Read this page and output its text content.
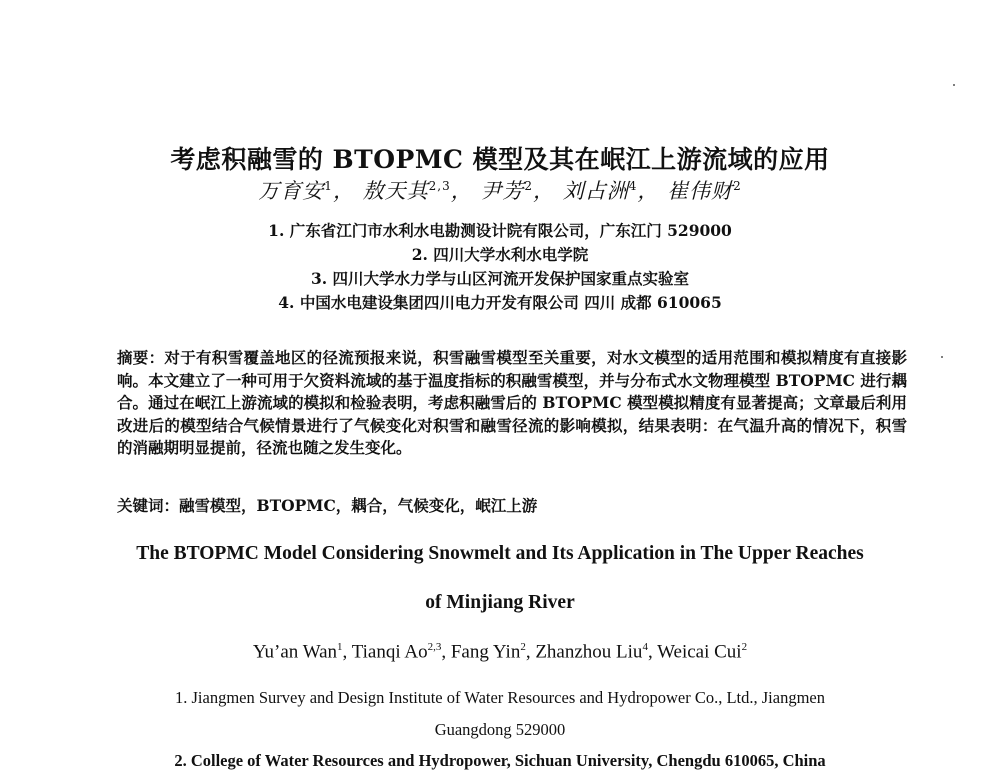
考虑积融雪的 BTOPMC 模型及其在岷江上游流域的应用
万育安$^1$， 敖天其$^{2,3}$， 尹芳$^2$， 刘占洲$^4$， 崔伟财$^2$
1. 广东省江门市水利水电勘测设计院有限公司，广东江门 529000
2. 四川大学水利水电学院
3. 四川大学水力学与山区河流开发保护国家重点实验室
4. 中国水电建设集团四川电力开发有限公司 四川 成都 610065
摘要：对于有积雪覆盖地区的径流预报来说，积雪融雪模型至关重要，对水文模型的适用范围和模拟精度有直接影响。本文建立了一种可用于欠资料流域的基于温度指标的积融雪模型，并与分布式水文物理模型 BTOPMC 进行耦合。通过在岷江上游流域的模拟和检验表明，考虑积融雪后的 BTOPMC 模型模拟精度有显著提高；文章最后利用改进后的模型结合气候情景进行了气候变化对积雪和融雪径流的影响模拟，结果表明：在气温升高的情况下，积雪的消融期明显提前，径流也随之发生变化。
关键词：融雪模型，BTOPMC，耦合，气候变化，岷江上游
The BTOPMC Model Considering Snowmelt and Its Application in The Upper Reaches
of Minjiang River
Yu’an Wan$^1$, Tianqi Ao$^{2,3}$, Fang Yin$^2$, Zhanzhou Liu$^4$, Weicai Cui$^2$
1. Jiangmen Survey and Design Institute of Water Resources and Hydropower Co., Ltd., Jiangmen
Guangdong 529000
2. College of Water Resources and Hydropower, Sichuan University, Chengdu 610065, China
